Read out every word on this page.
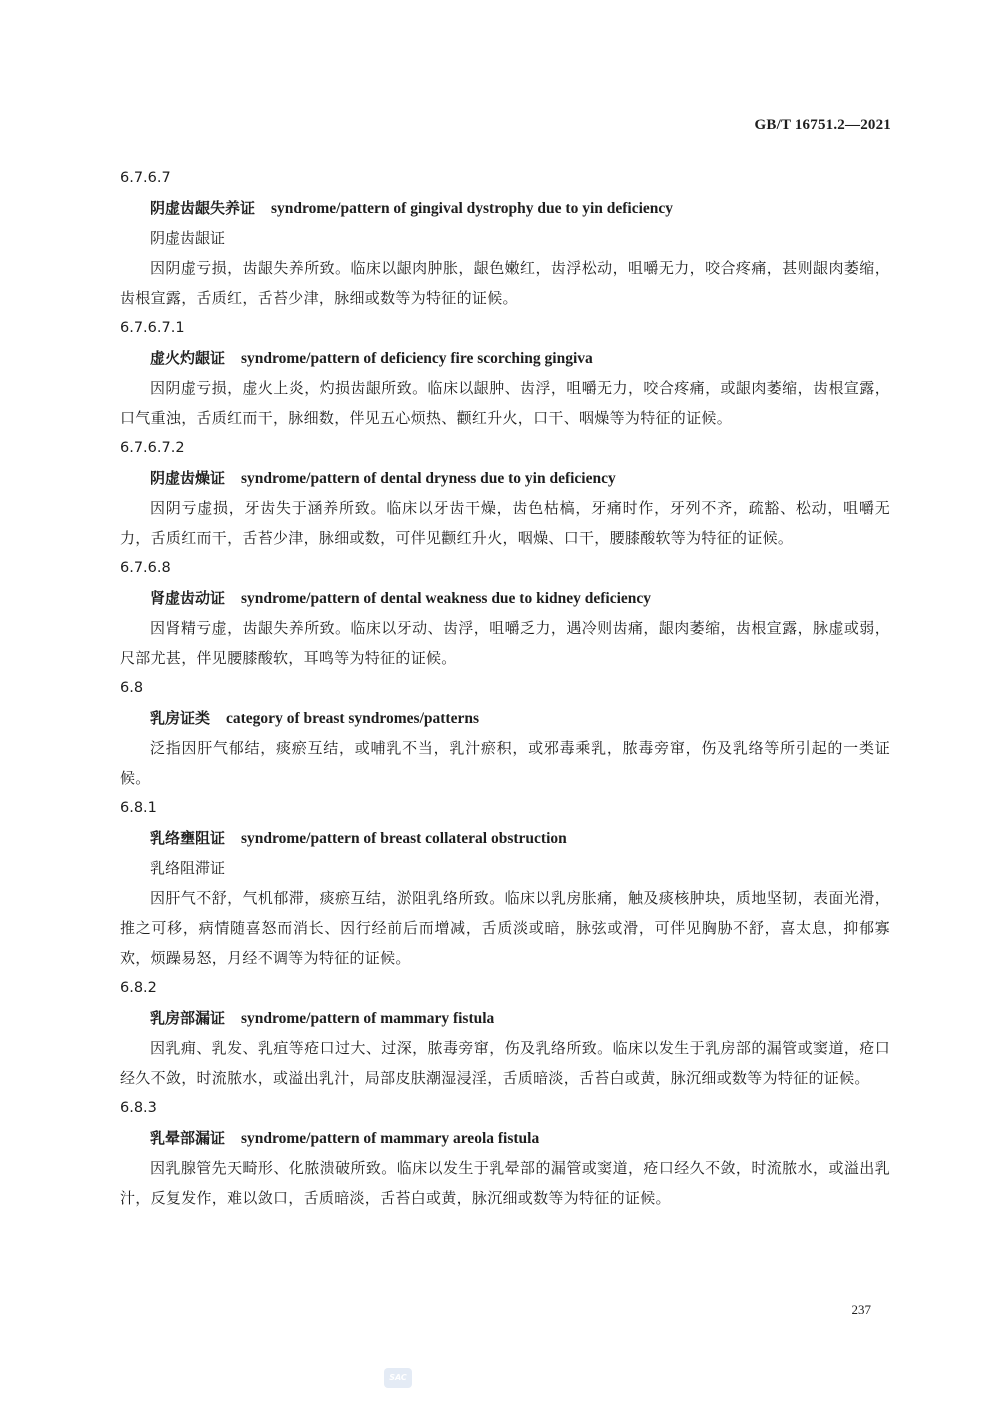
GB/T 16751.2—2021

6.7.6.7

阴虚齿龈失养证 syndrome/pattern of gingival dystrophy due to yin deficiency

阴虚齿龈证

因阴虚亏损，齿龈失养所致。临床以龈肉肿胀，龈色嫩红，齿浮松动，咀嚼无力，咬合疼痛，甚则龈肉萎缩，齿根宣露，舌质红，舌苔少津，脉细或数等为特征的证候。

6.7.6.7.1

虚火灼龈证 syndrome/pattern of deficiency fire scorching gingiva

因阴虚亏损，虚火上炎，灼损齿龈所致。临床以龈肿、齿浮，咀嚼无力，咬合疼痛，或龈肉萎缩，齿根宣露，口气重浊，舌质红而干，脉细数，伴见五心烦热、颧红升火，口干、咽燥等为特征的证候。

6.7.6.7.2

阴虚齿燥证 syndrome/pattern of dental dryness due to yin deficiency

因阴亏虚损，牙齿失于涵养所致。临床以牙齿干燥，齿色枯槁，牙痛时作，牙列不齐，疏豁、松动，咀嚼无力，舌质红而干，舌苔少津，脉细或数，可伴见颧红升火，咽燥、口干，腰膝酸软等为特征的证候。

6.7.6.8

肾虚齿动证 syndrome/pattern of dental weakness due to kidney deficiency

因肾精亏虚，齿龈失养所致。临床以牙动、齿浮，咀嚼乏力，遇冷则齿痛，龈肉萎缩，齿根宣露，脉虚或弱，尺部尤甚，伴见腰膝酸软，耳鸣等为特征的证候。

6.8

乳房证类 category of breast syndromes/patterns

泛指因肝气郁结，痰瘀互结，或哺乳不当，乳汁瘀积，或邪毒乘乳，脓毒旁窜，伤及乳络等所引起的一类证候。

6.8.1

乳络壅阻证 syndrome/pattern of breast collateral obstruction

乳络阻滞证

因肝气不舒，气机郁滞，痰瘀互结，淤阻乳络所致。临床以乳房胀痛，触及痰核肿块，质地坚韧，表面光滑，推之可移，病情随喜怒而消长、因行经前后而增减，舌质淡或暗，脉弦或滑，可伴见胸胁不舒，喜太息，抑郁寡欢，烦躁易怒，月经不调等为特征的证候。

6.8.2

乳房部漏证 syndrome/pattern of mammary fistula

因乳痈、乳发、乳疽等疮口过大、过深，脓毒旁窜，伤及乳络所致。临床以发生于乳房部的漏管或窦道，疮口经久不敛，时流脓水，或溢出乳汁，局部皮肤潮湿浸淫，舌质暗淡，舌苔白或黄，脉沉细或数等为特征的证候。

6.8.3

乳晕部漏证 syndrome/pattern of mammary areola fistula

因乳腺管先天畸形、化脓溃破所致。临床以发生于乳晕部的漏管或窦道，疮口经久不敛，时流脓水，或溢出乳汁，反复发作，难以敛口，舌质暗淡，舌苔白或黄，脉沉细或数等为特征的证候。

237
SAC
